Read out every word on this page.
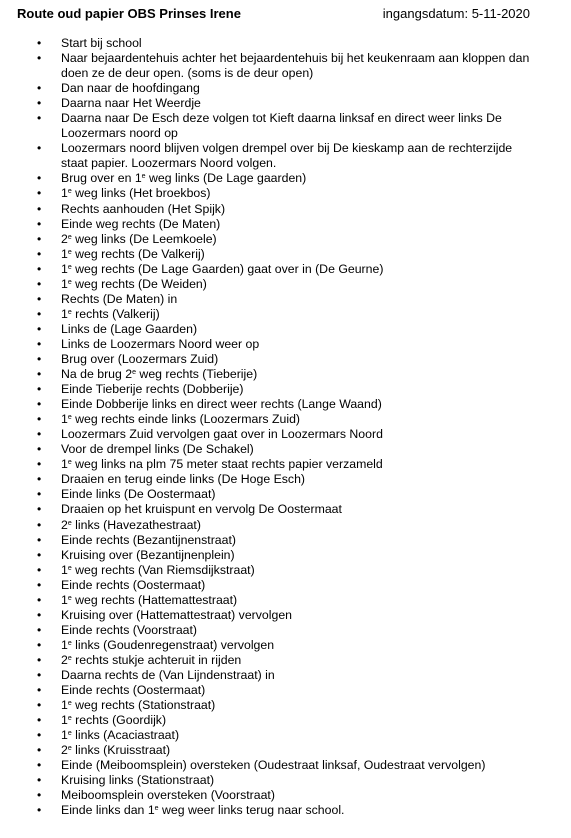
Route oud papier OBS Prinses Irene	ingangsdatum: 5-11-2020
• Start bij school
• Naar bejaardentehuis achter het bejaardentehuis bij het keukenraam aan kloppen dan doen ze de deur open. (soms is de deur open)
• Dan naar de hoofdingang
• Daarna naar Het Weerdje
• Daarna naar De Esch deze volgen tot Kieft daarna linksaf en direct weer links De Loozermars noord op
• Loozermars noord blijven volgen drempel over bij De kieskamp aan de rechterzijde staat papier. Loozermars Noord volgen.
• Brug over en 1e weg links (De Lage gaarden)
• 1e weg links (Het broekbos)
• Rechts aanhouden (Het Spijk)
• Einde weg rechts (De Maten)
• 2e weg links (De Leemkoele)
• 1e weg rechts (De Valkerij)
• 1e weg rechts (De Lage Gaarden) gaat over in (De Geurne)
• 1e weg rechts (De Weiden)
• Rechts (De Maten) in
• 1e rechts (Valkerij)
• Links de (Lage Gaarden)
• Links de Loozermars Noord weer op
• Brug over (Loozermars Zuid)
• Na de brug 2e weg rechts (Tieberije)
• Einde Tieberije rechts (Dobberije)
• Einde Dobberije links en direct weer rechts (Lange Waand)
• 1e weg rechts einde links (Loozermars Zuid)
• Loozermars Zuid vervolgen gaat over in Loozermars Noord
• Voor de drempel links (De Schakel)
• 1e weg links na plm 75 meter staat rechts papier verzameld
• Draaien en terug einde links (De Hoge Esch)
• Einde links (De Oostermaat)
• Draaien op het kruispunt en vervolg De Oostermaat
• 2e links (Havezathestraat)
• Einde rechts (Bezantijnenstraat)
• Kruising over (Bezantijnenplein)
• 1e weg rechts (Van Riemsdijkstraat)
• Einde rechts (Oostermaat)
• 1e weg rechts (Hattemattestraat)
• Kruising over (Hattemattestraat) vervolgen
• Einde rechts (Voorstraat)
• 1e links (Goudenregenstraat) vervolgen
• 2e rechts stukje achteruit in rijden
• Daarna rechts de (Van Lijndenstraat) in
• Einde rechts (Oostermaat)
• 1e weg rechts (Stationstraat)
• 1e rechts (Goordijk)
• 1e links (Acaciastraat)
• 2e links (Kruisstraat)
• Einde (Meiboomsplein) oversteken (Oudestraat linksaf, Oudestraat vervolgen)
• Kruising links (Stationstraat)
• Meiboomsplein oversteken (Voorstraat)
• Einde links dan 1e weg weer links terug naar school.
